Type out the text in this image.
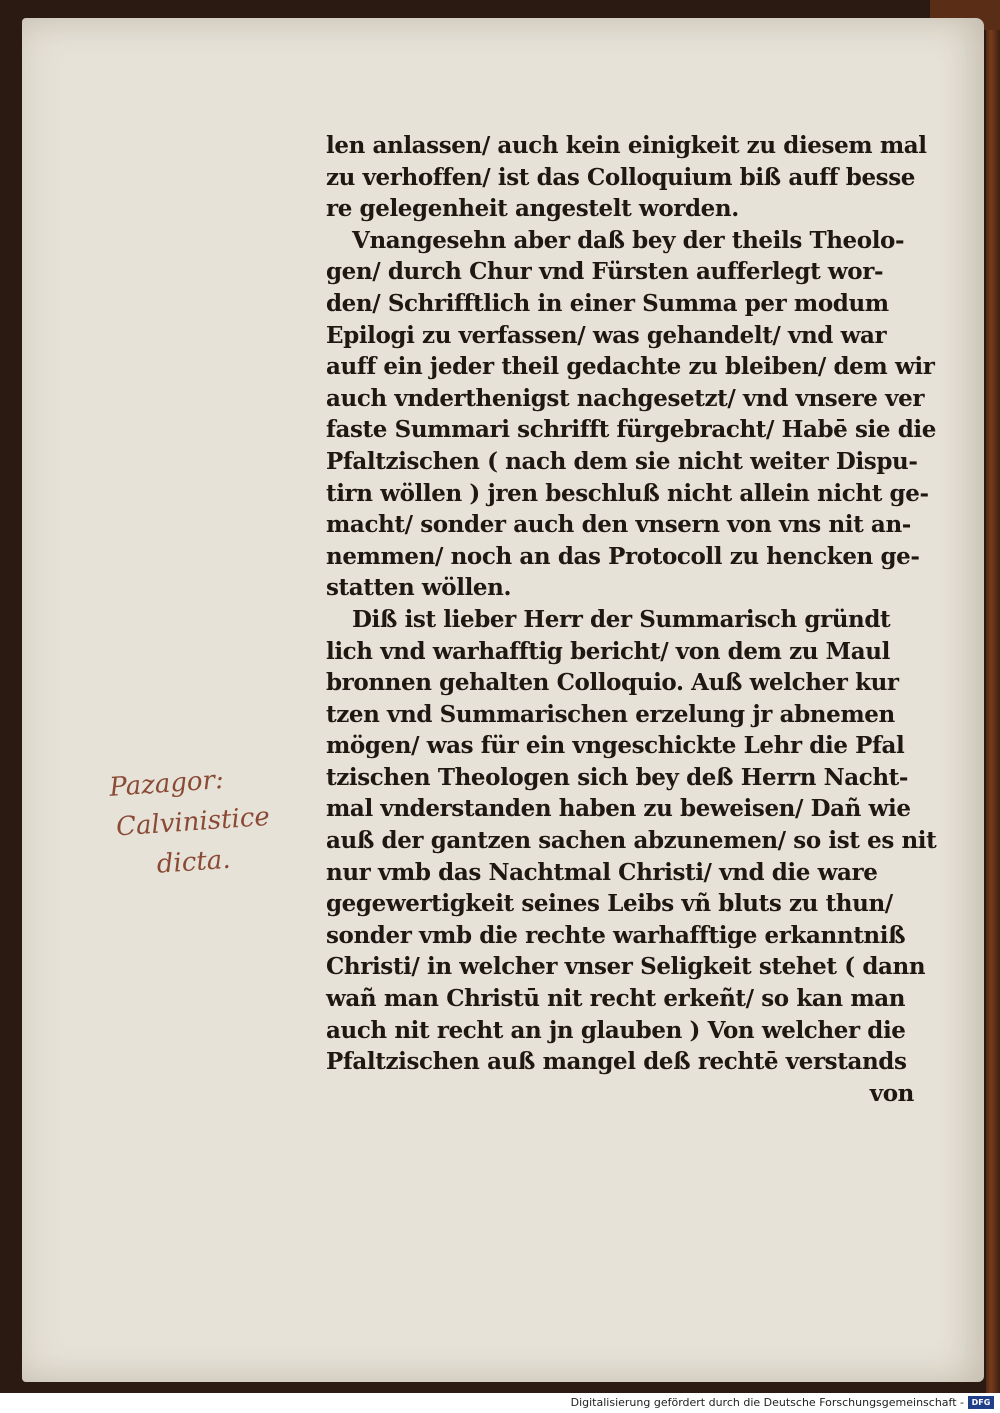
len anlassen/ auch kein einigkeit zu diesem mal
zu verhoffen/ ist das Colloquium biß auff besse
re gelegenheit angestelt worden.
Vnangesehn aber daß bey der theils Theolo-
gen/ durch Chur vnd Fürsten aufferlegt wor-
den/ Schrifftlich in einer Summa per modum
Epilogi zu verfassen/ was gehandelt/ vnd war
auff ein jeder theil gedachte zu bleiben/ dem wir
auch vnderthenigst nachgesetzt/ vnd vnsere ver
faste Summari schrifft fürgebracht/ Habē sie die
Pfaltzischen ( nach dem sie nicht weiter Dispu-
tirn wöllen ) jren beschluß nicht allein nicht ge-
macht/ sonder auch den vnsern von vns nit an-
nemmen/ noch an das Protocoll zu hencken ge-
statten wöllen.
Diß ist lieber Herr der Summarisch gründt
lich vnd warhafftig bericht/ von dem zu Maul
bronnen gehalten Colloquio. Auß welcher kur
tzen vnd Summarischen erzelung jr abnemen
mögen/ was für ein vngeschickte Lehr die Pfal
tzischen Theologen sich bey deß Herrn Nacht-
mal vnderstanden haben zu beweisen/ Dañ wie
auß der gantzen sachen abzunemen/ so ist es nit
nur vmb das Nachtmal Christi/ vnd die ware
gegewertigkeit seines Leibs vñ bluts zu thun/
sonder vmb die rechte warhafftige erkanntniß
Christi/ in welcher vnser Seligkeit stehet ( dann
wañ man Christū nit recht erkeñt/ so kan man
auch nit recht an jn glauben ) Von welcher die
Pfaltzischen auß mangel deß rechtē verstands
von
Pazagor:
Calvinistice
dicta.
Digitalisierung gefördert durch die Deutsche Forschungsgemeinschaft - DFG
